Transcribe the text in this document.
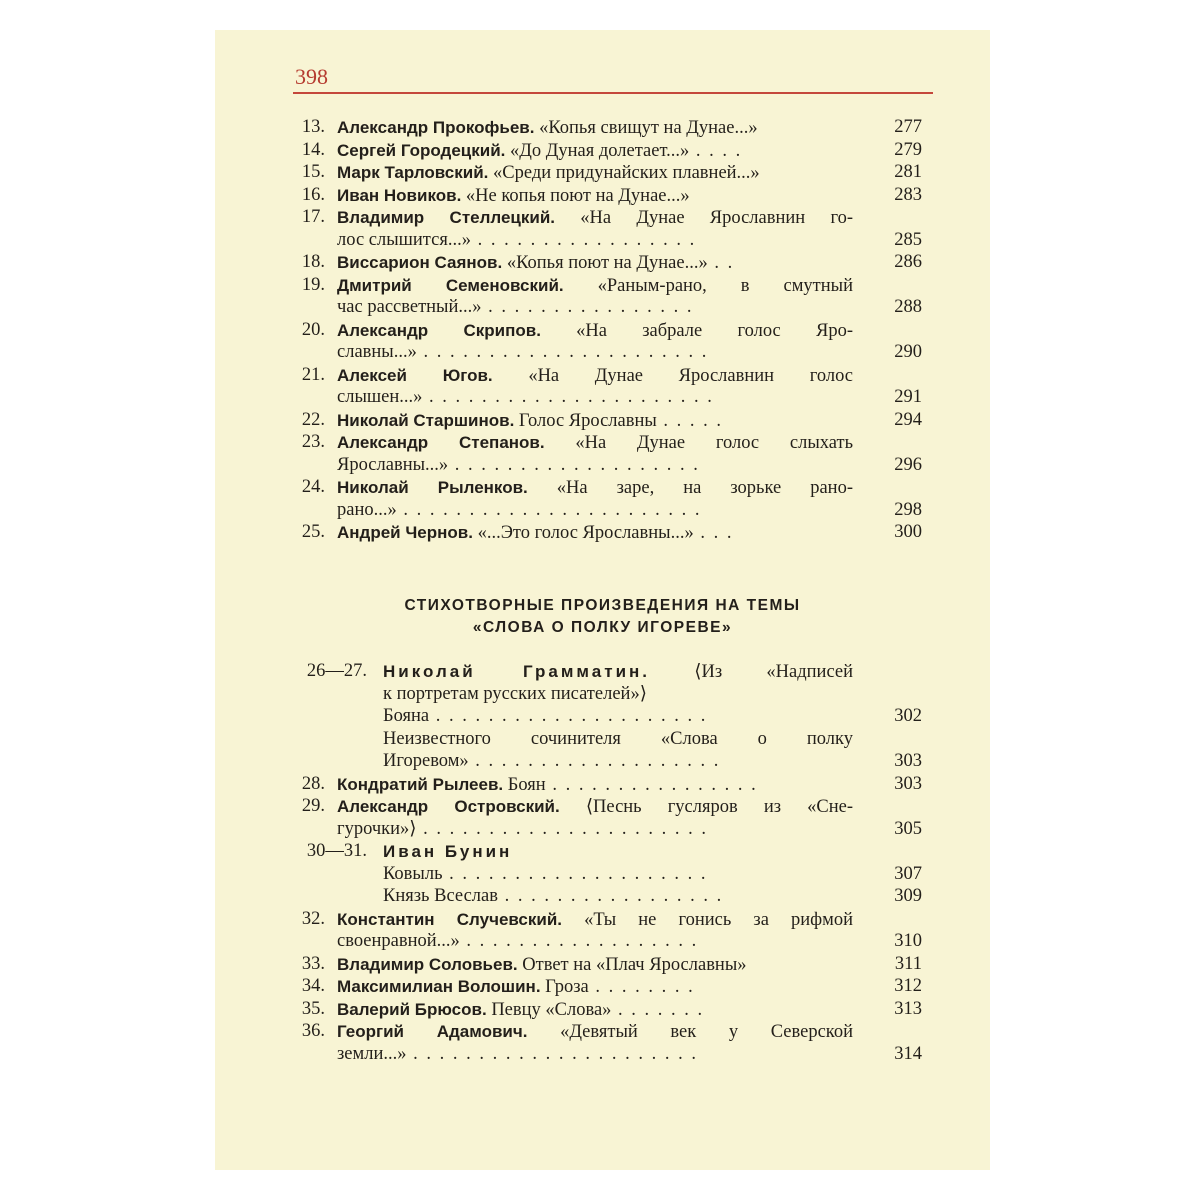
398
13. Александр Прокофьев. «Копья свищут на Дунае...»	277
14. Сергей Городецкий. «До Дуная долетает...» . . . .	279
15. Марк Тарловский. «Среди придунайских плавней...»	281
16. Иван Новиков. «Не копья поют на Дунае...»	283
17. Владимир Стеллецкий. «На Дунае Ярославнин го-
лос слышится...» . . . . . . . . . . . . . . . . .	285
18. Виссарион Саянов. «Копья поют на Дунае...» . .	286
19. Дмитрий Семеновский. «Раным-рано, в смутный
час рассветный...» . . . . . . . . . . . . . . . .	288
20. Александр Скрипов. «На забрале голос Яро-
славны...» . . . . . . . . . . . . . . . . . . . . . .	290
21. Алексей Югов. «На Дунае Ярославнин голос
слышен...» . . . . . . . . . . . . . . . . . . . . . .	291
22. Николай Старшинов. Голос Ярославны . . . . .	294
23. Александр Степанов. «На Дунае голос слыхать
Ярославны...» . . . . . . . . . . . . . . . . . . .	296
24. Николай Рыленков. «На заре, на зорьке рано-
рано...» . . . . . . . . . . . . . . . . . . . . . . .	298
25. Андрей Чернов. «...Это голос Ярославны...» . . .	300
СТИХОТВОРНЫЕ ПРОИЗВЕДЕНИЯ НА ТЕМЫ
«СЛОВА О ПОЛКУ ИГОРЕВЕ»
26—27. Николай Грамматин. ⟨Из «Надписей
к портретам русских писателей»⟩
Бояна . . . . . . . . . . . . . . . . . . . . .	302
Неизвестного сочинителя «Слова о полку
Игоревом» . . . . . . . . . . . . . . . . . . .	303
28. Кондратий Рылеев. Боян . . . . . . . . . . . . . . . .	303
29. Александр Островский. ⟨Песнь гусляров из «Сне-
гурочки»⟩ . . . . . . . . . . . . . . . . . . . . . .	305
30—31. Иван Бунин
Ковыль . . . . . . . . . . . . . . . . . . . .	307
Князь Всеслав . . . . . . . . . . . . . . . . .	309
32. Константин Случевский. «Ты не гонись за рифмой
своенравной...» . . . . . . . . . . . . . . . . . .	310
33. Владимир Соловьев. Ответ на «Плач Ярославны»	311
34. Максимилиан Волошин. Гроза . . . . . . . .	312
35. Валерий Брюсов. Певцу «Слова» . . . . . . .	313
36. Георгий Адамович. «Девятый век у Северской
земли...» . . . . . . . . . . . . . . . . . . . . . .	314
